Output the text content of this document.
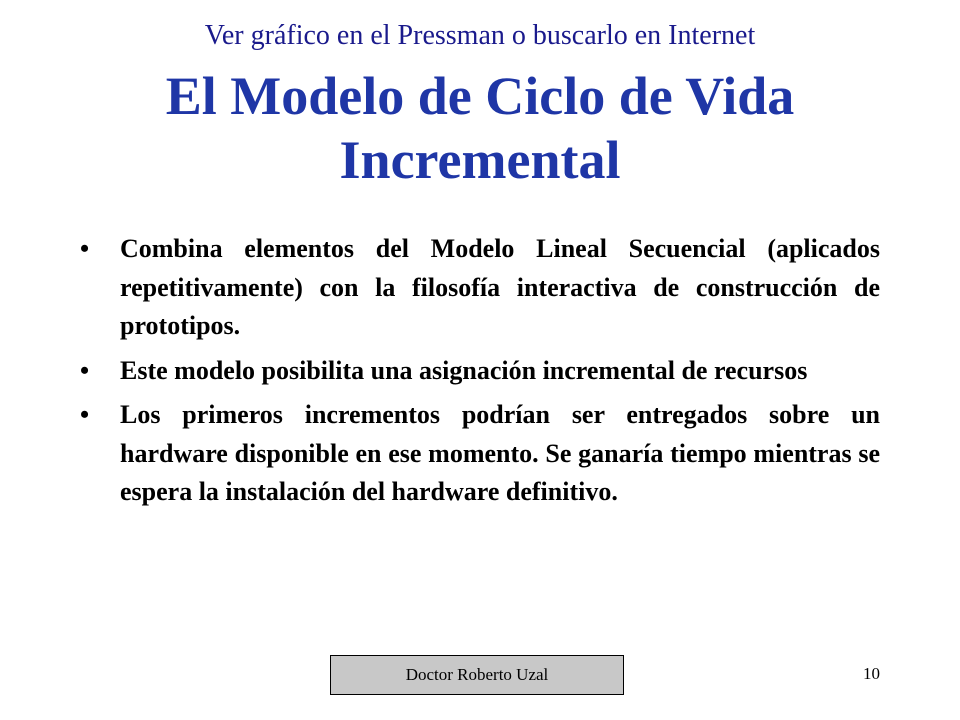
Ver gráfico en el Pressman o buscarlo en Internet
El Modelo de Ciclo de Vida
Incremental
• Combina elementos del Modelo Lineal Secuencial (aplicados repetitivamente) con la filosofía interactiva de construcción de prototipos.
• Este modelo posibilita una asignación incremental de recursos
• Los primeros incrementos podrían ser entregados sobre un hardware disponible en ese momento. Se ganaría tiempo mientras se espera la instalación del hardware definitivo.
Doctor Roberto Uzal	10
